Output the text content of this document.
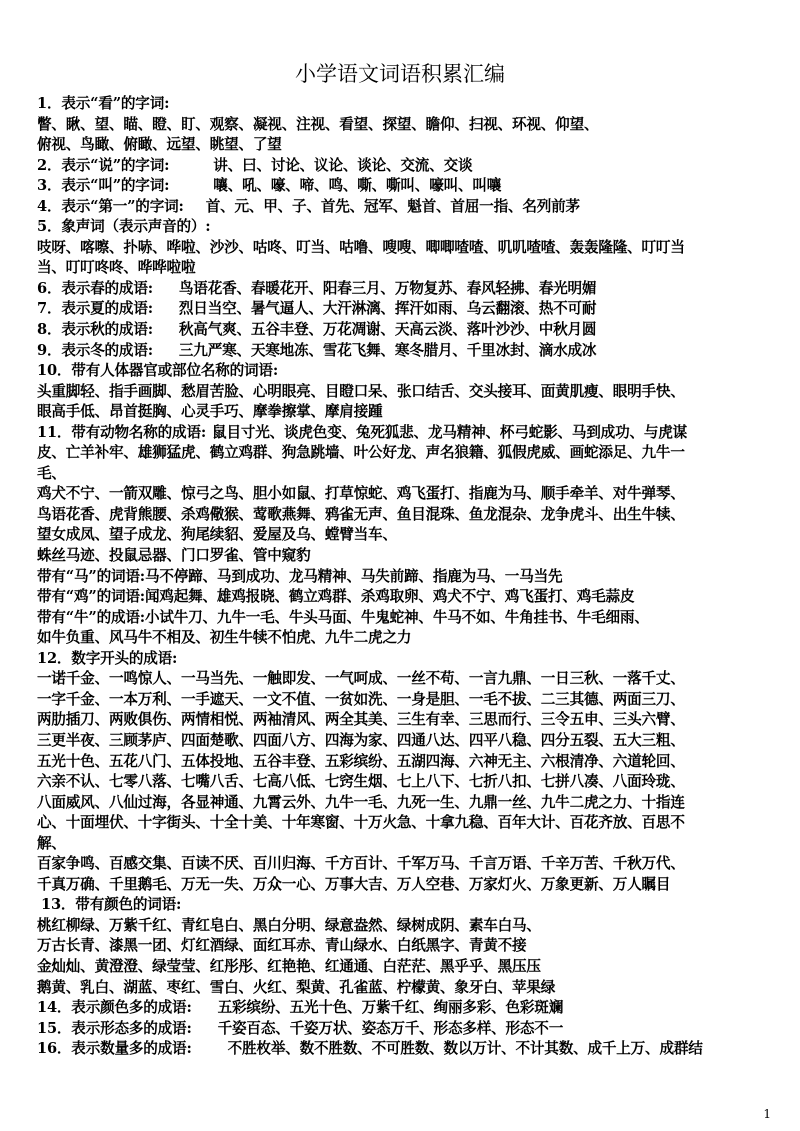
小学语文词语积累汇编
1．表示“看”的字词:
瞥、瞅、望、瞄、瞪、盯、观察、凝视、注视、看望、探望、瞻仰、扫视、环视、仰望、
俯视、鸟瞰、俯瞰、远望、眺望、了望
2．表示“说”的字词:	讲、曰、讨论、议论、谈论、交流、交谈
3．表示“叫”的字词:	嚷、吼、嚎、啼、鸣、嘶、嘶叫、嚎叫、叫嚷
4．表示“第一”的字词: 首、元、甲、子、首先、冠军、魁首、首屈一指、名列前茅
5．象声词（表示声音的）:
吱呀、喀嚓、扑哧、哗啦、沙沙、咕咚、叮当、咕噜、嗖嗖、唧唧喳喳、叽叽喳喳、轰轰隆隆、叮叮当
当、叮叮咚咚、哗哗啦啦
6．表示春的成语: 鸟语花香、春暖花开、阳春三月、万物复苏、春风轻拂、春光明媚
7．表示夏的成语: 烈日当空、暑气逼人、大汗淋漓、挥汗如雨、乌云翻滚、热不可耐
8．表示秋的成语: 秋高气爽、五谷丰登、万花凋谢、天高云淡、落叶沙沙、中秋月圆
9．表示冬的成语: 三九严寒、天寒地冻、雪花飞舞、寒冬腊月、千里冰封、滴水成冰
10．带有人体器官或部位名称的词语:
头重脚轻、指手画脚、愁眉苦脸、心明眼亮、目瞪口呆、张口结舌、交头接耳、面黄肌瘦、眼明手快、
眼高手低、昂首挺胸、心灵手巧、摩拳擦掌、摩肩接踵
11．带有动物名称的成语: 鼠目寸光、谈虎色变、兔死狐悲、龙马精神、杯弓蛇影、马到成功、与虎谋
皮、亡羊补牢、雄狮猛虎、鹤立鸡群、狗急跳墙、叶公好龙、声名狼籍、狐假虎威、画蛇添足、九牛一
毛、
鸡犬不宁、一箭双雕、惊弓之鸟、胆小如鼠、打草惊蛇、鸡飞蛋打、指鹿为马、顺手牵羊、对牛弹琴、
鸟语花香、虎背熊腰、杀鸡儆猴、莺歌燕舞、鸦雀无声、鱼目混珠、鱼龙混杂、龙争虎斗、出生牛犊、
望女成凤、望子成龙、狗尾续貂、爱屋及乌、螳臂当车、
蛛丝马迹、投鼠忌器、门口罗雀、管中窥豹
带有“马”的词语:马不停蹄、马到成功、龙马精神、马失前蹄、指鹿为马、一马当先
带有“鸡”的词语:闻鸡起舞、雄鸡报晓、鹤立鸡群、杀鸡取卵、鸡犬不宁、鸡飞蛋打、鸡毛蒜皮
带有“牛”的成语:小试牛刀、九牛一毛、牛头马面、牛鬼蛇神、牛马不如、牛角挂书、牛毛细雨、
如牛负重、风马牛不相及、初生牛犊不怕虎、九牛二虎之力
12．数字开头的成语:
一诺千金、一鸣惊人、一马当先、一触即发、一气呵成、一丝不苟、一言九鼎、一日三秋、一落千丈、
一字千金、一本万利、一手遮天、一文不值、一贫如洗、一身是胆、一毛不拔、二三其德、两面三刀、
两肋插刀、两败俱伤、两情相悦、两袖清风、两全其美、三生有幸、三思而行、三令五申、三头六臂、
三更半夜、三顾茅庐、四面楚歌、四面八方、四海为家、四通八达、四平八稳、四分五裂、五大三粗、
五光十色、五花八门、五体投地、五谷丰登、五彩缤纷、五湖四海、六神无主、六根清净、六道轮回、
六亲不认、七零八落、七嘴八舌、七高八低、七窍生烟、七上八下、七折八扣、七拼八凑、八面玲珑、
八面威风、八仙过海，各显神通、九霄云外、九牛一毛、九死一生、九鼎一丝、九牛二虎之力、十指连
心、十面埋伏、十字街头、十全十美、十年寒窗、十万火急、十拿九稳、百年大计、百花齐放、百思不
解、
百家争鸣、百感交集、百读不厌、百川归海、千方百计、千军万马、千言万语、千辛万苦、千秋万代、
千真万确、千里鹅毛、万无一失、万众一心、万事大吉、万人空巷、万家灯火、万象更新、万人瞩目
13．带有颜色的词语:
桃红柳绿、万紫千红、青红皂白、黑白分明、绿意盎然、绿树成阴、素车白马、
万古长青、漆黑一团、灯红酒绿、面红耳赤、青山绿水、白纸黑字、青黄不接
金灿灿、黄澄澄、绿莹莹、红彤彤、红艳艳、红通通、白茫茫、黑乎乎、黑压压
鹅黄、乳白、湖蓝、枣红、雪白、火红、梨黄、孔雀蓝、柠檬黄、象牙白、苹果绿
14．表示颜色多的成语: 五彩缤纷、五光十色、万紫千红、绚丽多彩、色彩斑斓
15．表示形态多的成语: 千姿百态、千姿万状、姿态万千、形态多样、形态不一
16．表示数量多的成语: 不胜枚举、数不胜数、不可胜数、数以万计、不计其数、成千上万、成群结
1
